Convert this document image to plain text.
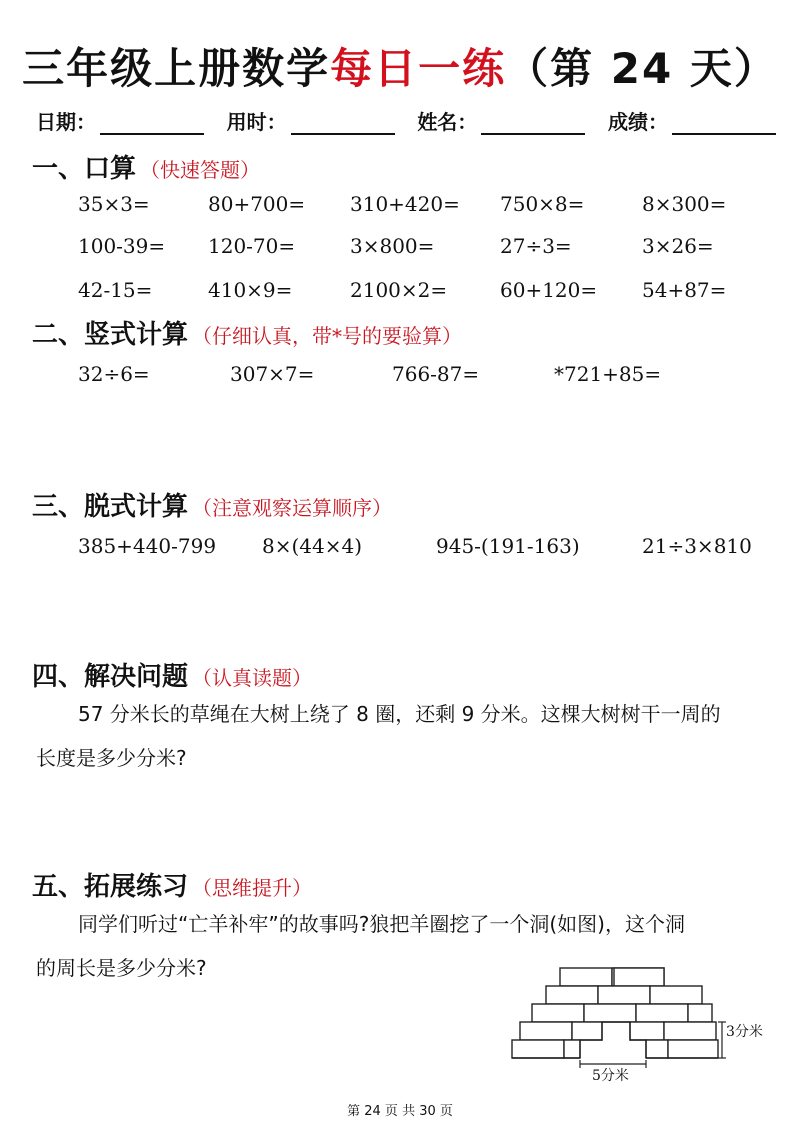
三年级上册数学每日一练（第 24 天）
日期：	用时：	姓名：	成绩：
一、口算 （快速答题）
35×3=	80+700= 310+420= 750×8=	8×300=
100-39= 120-70=	3×800=	27÷3=	3×26=
42-15=	410×9=	2100×2=	60+120= 54+87=
二、竖式计算 （仔细认真，带*号的要验算）
32÷6=	307×7=	766-87=	*721+85=
三、脱式计算 （注意观察运算顺序）
385+440-799 8×(44×4)	945-(191-163)	21÷3×810
四、解决问题 （认真读题）
57 分米长的草绳在大树上绕了 8 圈，还剩 9 分米。这棵大树树干一周的
长度是多少分米?
五、拓展练习 （思维提升）
同学们听过“亡羊补牢”的故事吗?狼把羊圈挖了一个洞(如图)，这个洞
的周长是多少分米?
3分米
5分米
第 24 页 共 30 页
